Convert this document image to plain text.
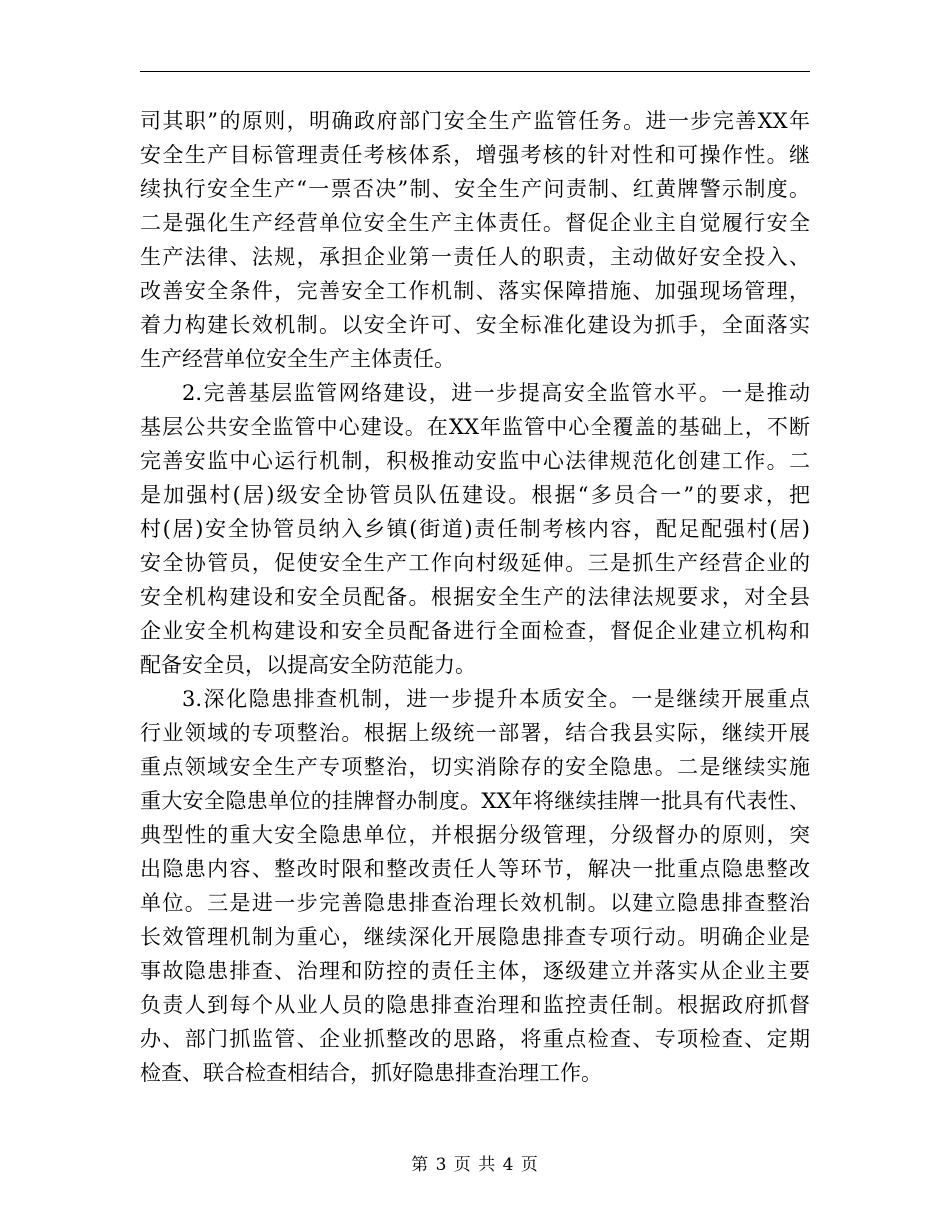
司其职”的原则，明确政府部门安全生产监管任务。进一步完善XX年
安全生产目标管理责任考核体系，增强考核的针对性和可操作性。继
续执行安全生产“一票否决”制、安全生产问责制、红黄牌警示制度。
二是强化生产经营单位安全生产主体责任。督促企业主自觉履行安全
生产法律、法规，承担企业第一责任人的职责，主动做好安全投入、
改善安全条件，完善安全工作机制、落实保障措施、加强现场管理，
着力构建长效机制。以安全许可、安全标准化建设为抓手，全面落实
生产经营单位安全生产主体责任。
2.完善基层监管网络建设，进一步提高安全监管水平。一是推动
基层公共安全监管中心建设。在XX年监管中心全覆盖的基础上，不断
完善安监中心运行机制，积极推动安监中心法律规范化创建工作。二
是加强村(居)级安全协管员队伍建设。根据“多员合一”的要求，把
村(居)安全协管员纳入乡镇(街道)责任制考核内容，配足配强村(居)
安全协管员，促使安全生产工作向村级延伸。三是抓生产经营企业的
安全机构建设和安全员配备。根据安全生产的法律法规要求，对全县
企业安全机构建设和安全员配备进行全面检查，督促企业建立机构和
配备安全员，以提高安全防范能力。
3.深化隐患排查机制，进一步提升本质安全。一是继续开展重点
行业领域的专项整治。根据上级统一部署，结合我县实际，继续开展
重点领域安全生产专项整治，切实消除存的安全隐患。二是继续实施
重大安全隐患单位的挂牌督办制度。XX年将继续挂牌一批具有代表性、
典型性的重大安全隐患单位，并根据分级管理，分级督办的原则，突
出隐患内容、整改时限和整改责任人等环节，解决一批重点隐患整改
单位。三是进一步完善隐患排查治理长效机制。以建立隐患排查整治
长效管理机制为重心，继续深化开展隐患排查专项行动。明确企业是
事故隐患排查、治理和防控的责任主体，逐级建立并落实从企业主要
负责人到每个从业人员的隐患排查治理和监控责任制。根据政府抓督
办、部门抓监管、企业抓整改的思路，将重点检查、专项检查、定期
检查、联合检查相结合，抓好隐患排查治理工作。
第 3 页 共 4 页
